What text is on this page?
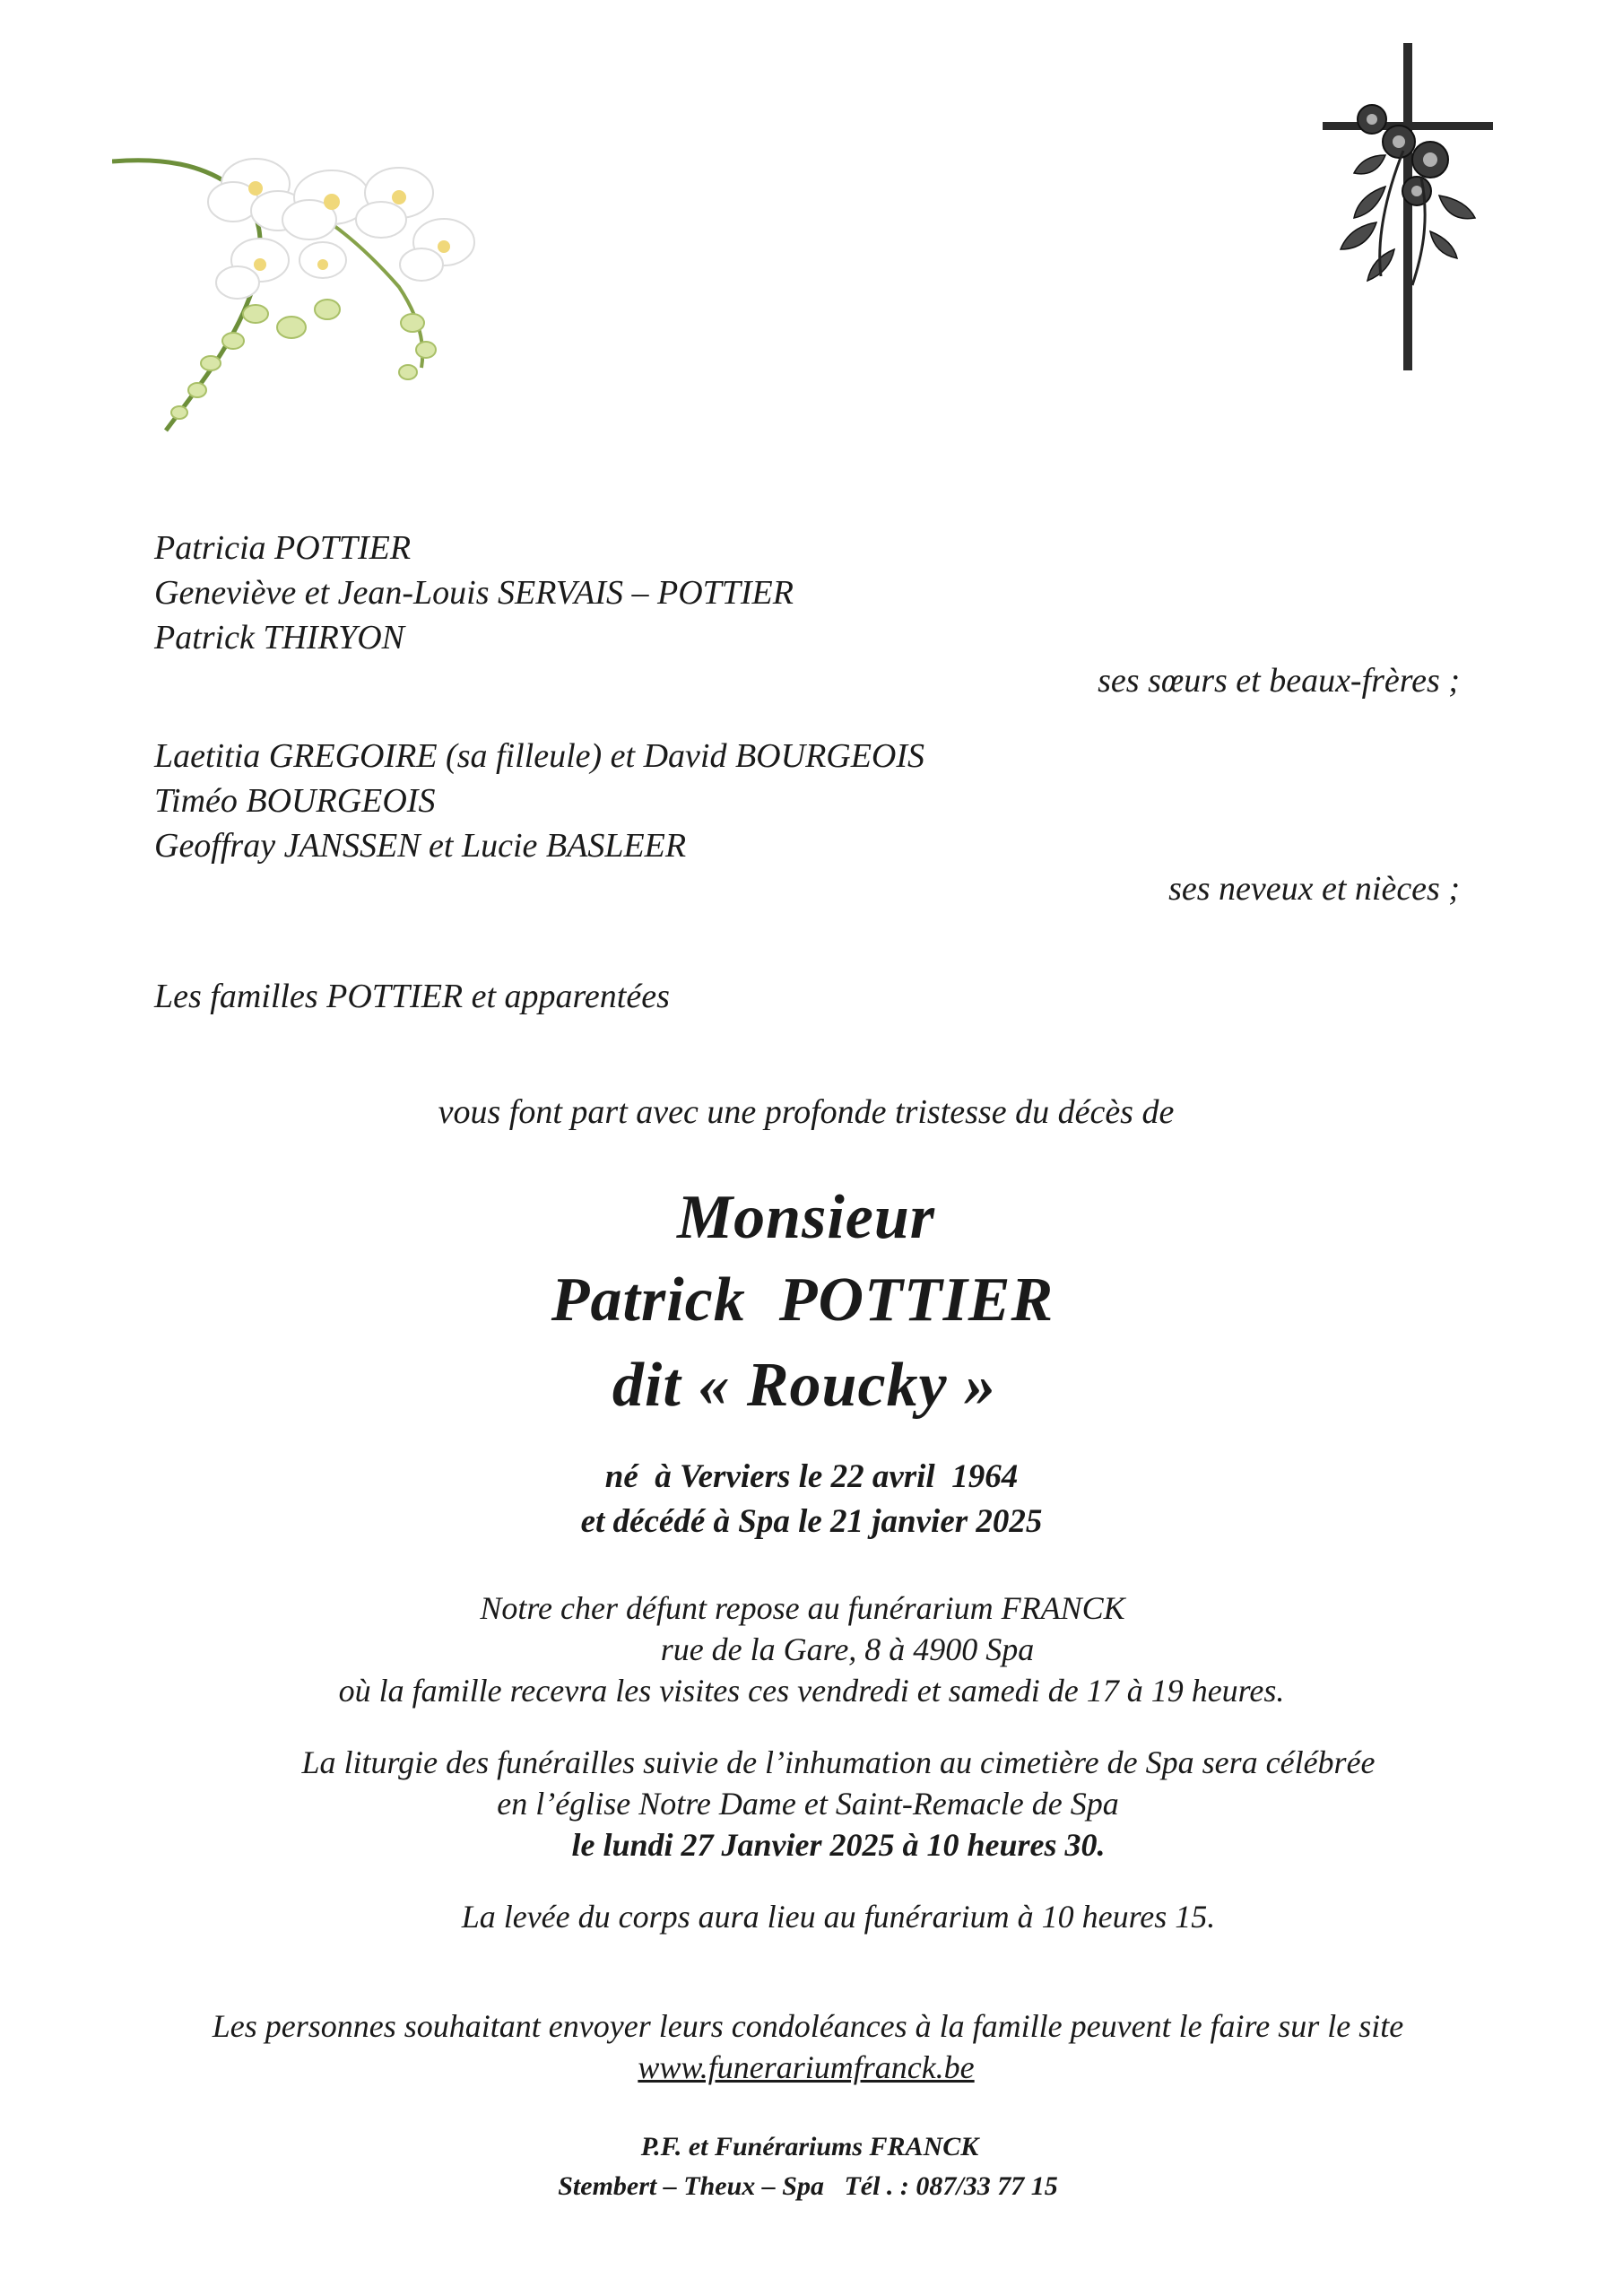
Patricia POTTIER
Geneviève et Jean-Louis SERVAIS – POTTIER
Patrick THIRYON
ses sœurs et beaux-frères ;
Laetitia GREGOIRE (sa filleule) et David BOURGEOIS
Timéo BOURGEOIS
Geoffray JANSSEN et Lucie BASLEER
ses neveux et nièces ;
Les familles POTTIER et apparentées
vous font part avec une profonde tristesse du décès de
Monsieur
Patrick  POTTIER
dit « Roucky »
né  à Verviers le 22 avril  1964
et décédé à Spa le 21 janvier 2025
Notre cher défunt repose au funérarium FRANCK
rue de la Gare, 8 à 4900 Spa
où la famille recevra les visites ces vendredi et samedi de 17 à 19 heures.
La liturgie des funérailles suivie de l’inhumation au cimetière de Spa sera célébrée
en l’église Notre Dame et Saint-Remacle de Spa
le lundi 27 Janvier 2025 à 10 heures 30.
La levée du corps aura lieu au funérarium à 10 heures 15.
Les personnes souhaitant envoyer leurs condoléances à la famille peuvent le faire sur le site
www.funerariumfranck.be
P.F. et Funérariums FRANCK
Stembert – Theux – Spa   Tél . : 087/33 77 15
